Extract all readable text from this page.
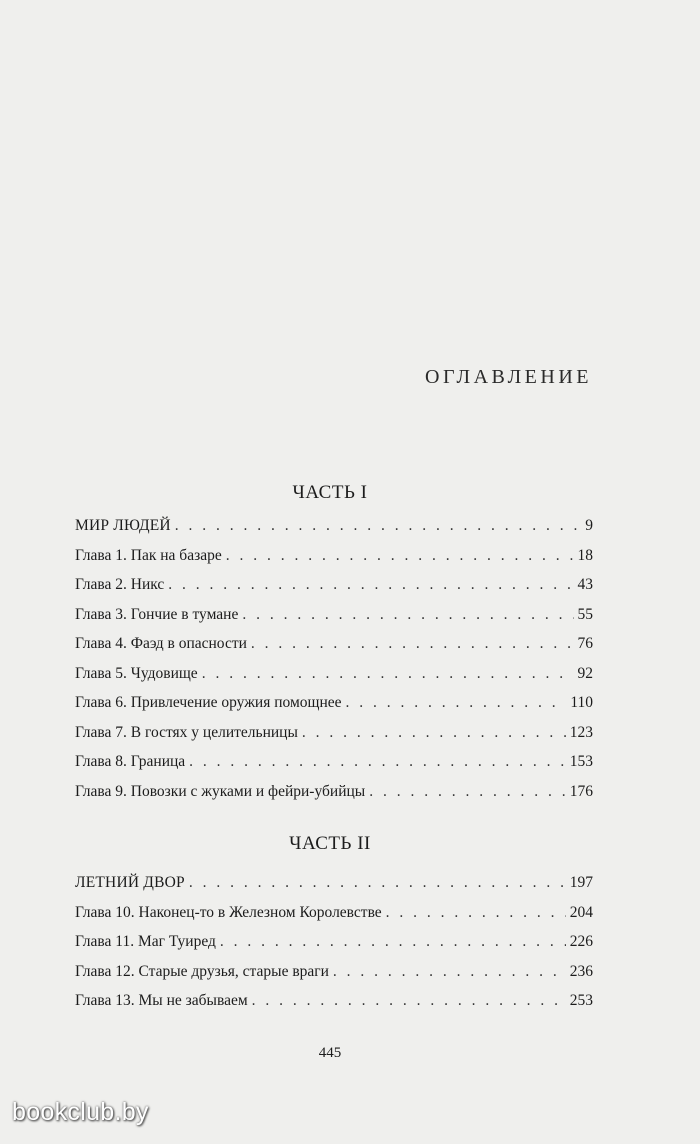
ОГЛАВЛЕНИЕ
ЧАСТЬ I
МИР ЛЮДЕЙ . . .	9
Глава 1. Пак на базаре . . .	18
Глава 2. Никс . . .	43
Глава 3. Гончие в тумане . . .	55
Глава 4. Фаэд в опасности . . .	76
Глава 5. Чудовище . . .	92
Глава 6. Привлечение оружия помощнее . . .	110
Глава 7. В гостях у целительницы . . .	123
Глава 8. Граница . . .	153
Глава 9. Повозки с жуками и фейри-убийцы . . .	176
ЧАСТЬ II
ЛЕТНИЙ ДВОР . . .	197
Глава 10. Наконец-то в Железном Королевстве . . .	204
Глава 11. Маг Туиред . . .	226
Глава 12. Старые друзья, старые враги . . .	236
Глава 13. Мы не забываем . . .	253
445
bookclub.by
